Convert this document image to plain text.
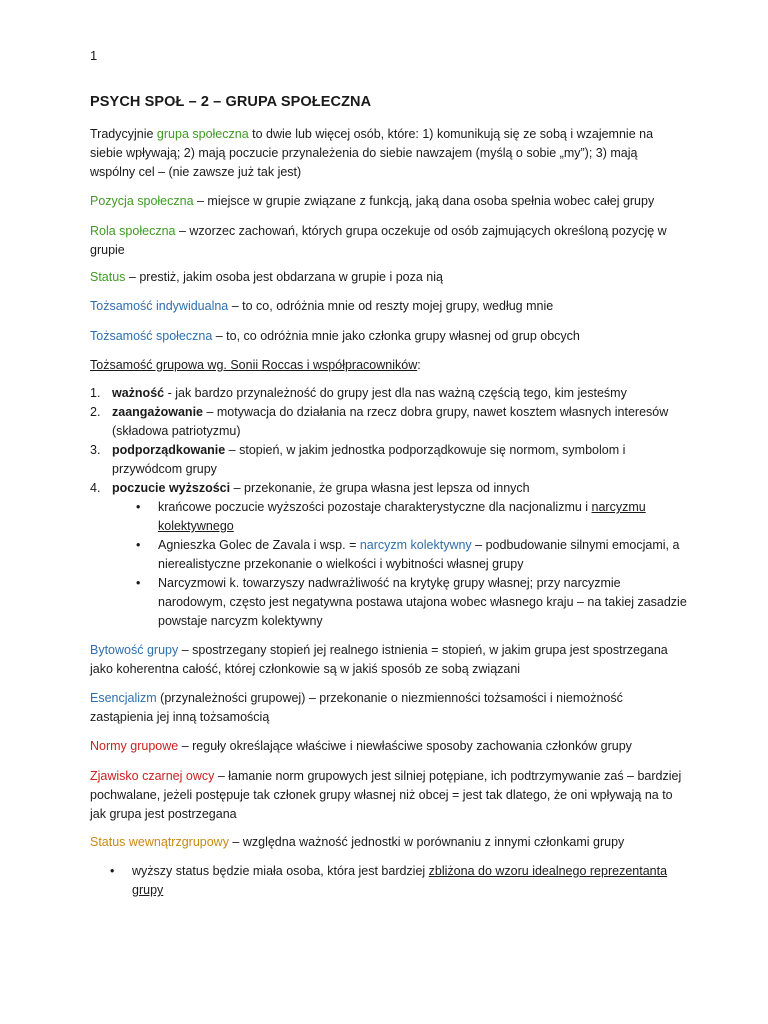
1
PSYCH SPOŁ – 2 – GRUPA SPOŁECZNA
Tradycyjnie grupa społeczna to dwie lub więcej osób, które: 1) komunikują się ze sobą i wzajemnie na siebie wpływają; 2) mają poczucie przynależenia do siebie nawzajem (myślą o sobie „my”); 3) mają wspólny cel – (nie zawsze już tak jest)
Pozycja społeczna – miejsce w grupie związane z funkcją, jaką dana osoba spełnia wobec całej grupy
Rola społeczna – wzorzec zachowań, których grupa oczekuje od osób zajmujących określoną pozycję w grupie
Status – prestiż, jakim osoba jest obdarzana w grupie i poza nią
Tożsamość indywidualna – to co, odróżnia mnie od reszty mojej grupy, według mnie
Tożsamość społeczna – to, co odróżnia mnie jako członka grupy własnej od grup obcych
Tożsamość grupowa wg. Sonii Roccas i współpracowników:
1. ważność - jak bardzo przynależność do grupy jest dla nas ważną częścią tego, kim jesteśmy
2. zaangażowanie – motywacja do działania na rzecz dobra grupy, nawet kosztem własnych interesów (składowa patriotyzmu)
3. podporządkowanie – stopień, w jakim jednostka podporządkowuje się normom, symbolom i przywódcom grupy
4. poczucie wyższości – przekonanie, że grupa własna jest lepsza od innych
• krańcowe poczucie wyższości pozostaje charakterystyczne dla nacjonalizmu i narcyzmu kolektywnego
• Agnieszka Golec de Zavala i wsp. = narcyzm kolektywny – podbudowanie silnymi emocjami, a nierealistyczne przekonanie o wielkości i wybitności własnej grupy
• Narcyzmowi k. towarzyszy nadwrażliwość na krytykę grupy własnej; przy narcyzmie narodowym, często jest negatywna postawa utajona wobec własnego kraju – na takiej zasadzie powstaje narcyzm kolektywny
Bytowość grupy – spostrzegany stopień jej realnego istnienia = stopień, w jakim grupa jest spostrzegana jako koherentna całość, której członkowie są w jakiś sposób ze sobą związani
Esencjalizm (przynależności grupowej) – przekonanie o niezmienności tożsamości i niemożność zastąpienia jej inną tożsamością
Normy grupowe – reguły określające właściwe i niewłaściwe sposoby zachowania członków grupy
Zjawisko czarnej owcy – łamanie norm grupowych jest silniej potępiane, ich podtrzymywanie zaś – bardziej pochwalane, jeżeli postępuje tak członek grupy własnej niż obcej = jest tak dlatego, że oni wpływają na to jak grupa jest postrzegana
Status wewnątrzgrupowy – względna ważność jednostki w porównaniu z innymi członkami grupy
• wyższy status będzie miała osoba, która jest bardziej zbliżona do wzoru idealnego reprezentanta grupy
